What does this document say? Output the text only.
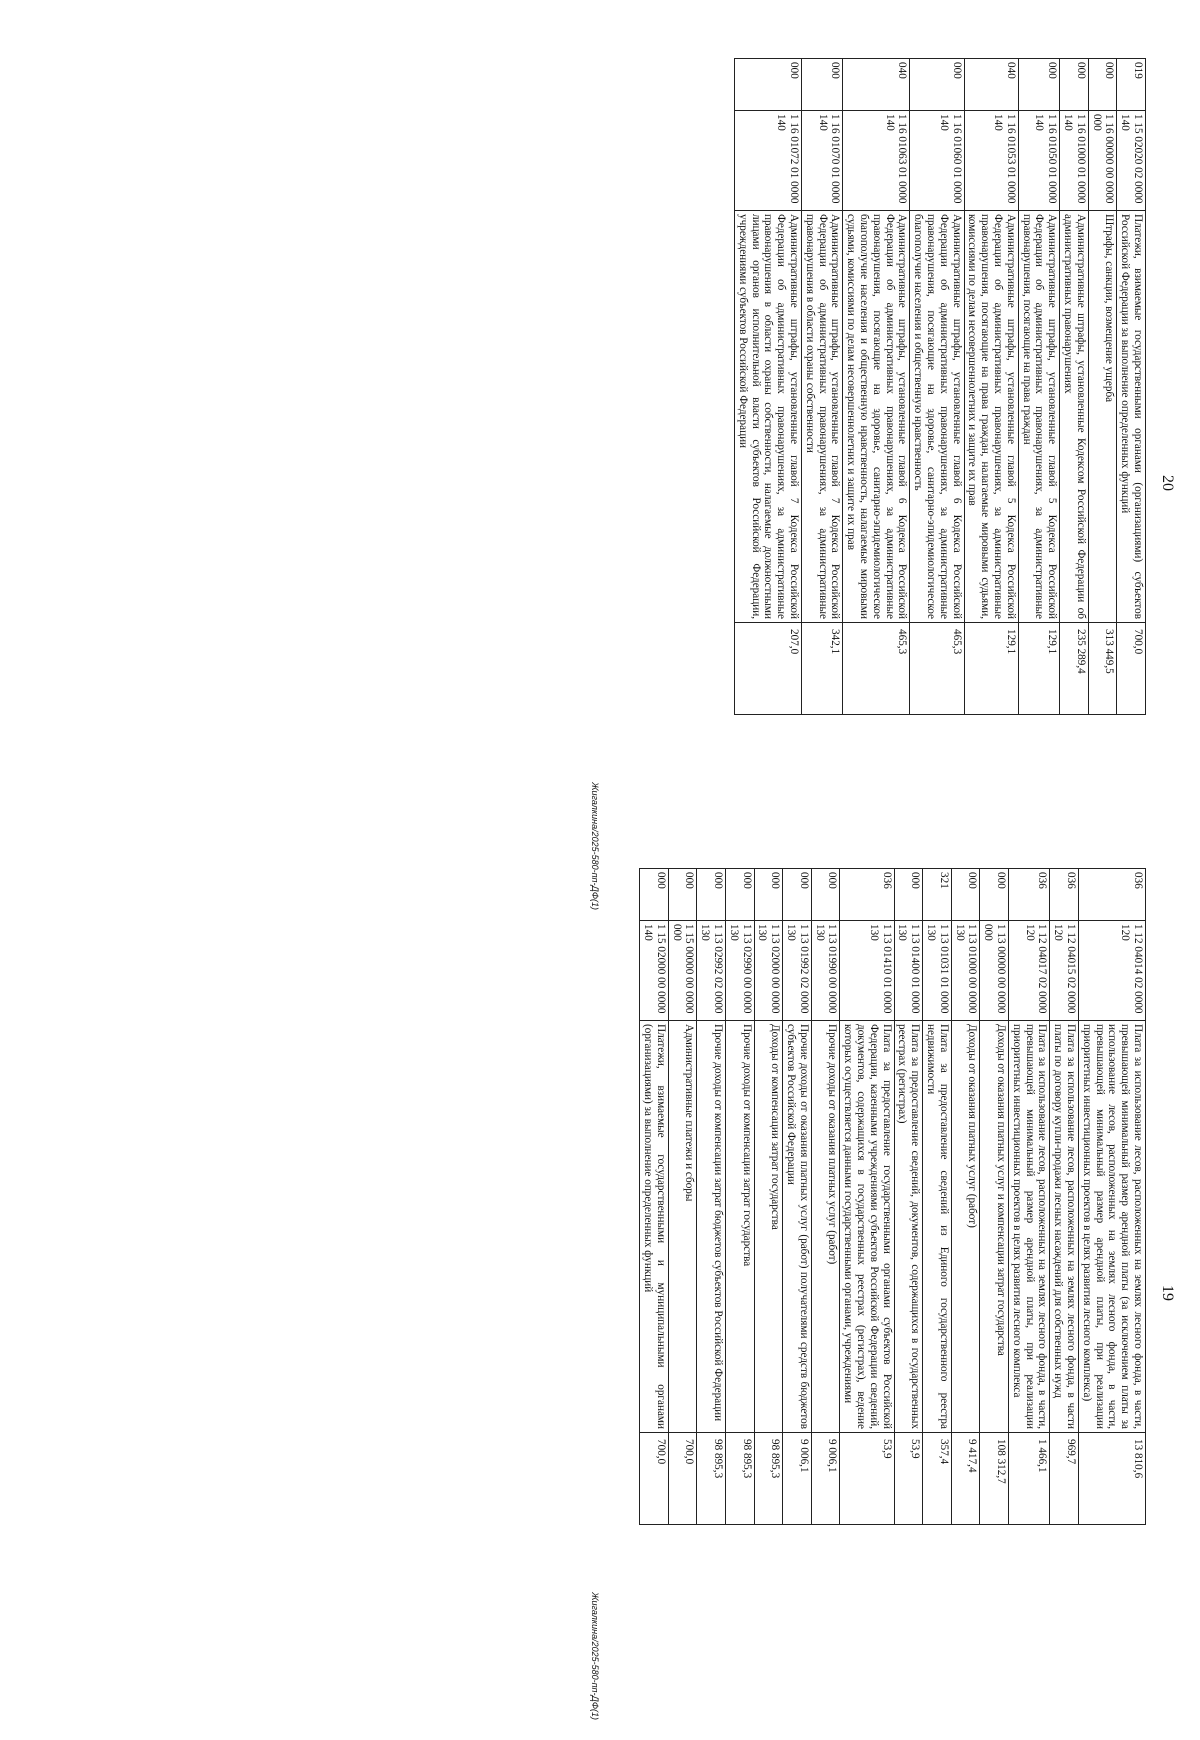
20
019	1 15 02020 02 0000 140	Платежи, взимаемые государственными органами (организациями) субъектов Российской Федерации за выполнение определенных функций	700,0
000	1 16 00000 00 0000 000	Штрафы, санкции, возмещение ущерба	313 449,5
000	1 16 01000 01 0000 140	Административные штрафы, установленные Кодексом Российской Федерации об административных правонарушениях	235 289,4
000	1 16 01050 01 0000 140	Административные штрафы, установленные главой 5 Кодекса Российской Федерации об административных правонарушениях, за административные правонарушения, посягающие на права граждан	129,1
040	1 16 01053 01 0000 140	Административные штрафы, установленные главой 5 Кодекса Российской Федерации об административных правонарушениях, за административные правонарушения, посягающие на права граждан, налагаемые мировыми судьями, комиссиями по делам несовершеннолетних и защите их прав	129,1
000	1 16 01060 01 0000 140	Административные штрафы, установленные главой 6 Кодекса Российской Федерации об административных правонарушениях, за административные правонарушения, посягающие на здоровье, санитарно-эпидемиологическое благополучие населения и общественную нравственность	465,3
040	1 16 01063 01 0000 140	Административные штрафы, установленные главой 6 Кодекса Российской Федерации об административных правонарушениях, за административные правонарушения, посягающие на здоровье, санитарно-эпидемиологическое благополучие населения и общественную нравственность, налагаемые мировыми судьями, комиссиями по делам несовершеннолетних и защите их прав	465,3
000	1 16 01070 01 0000 140	Административные штрафы, установленные главой 7 Кодекса Российской Федерации об административных правонарушениях, за административные правонарушения в области охраны собственности	342,1
000	1 16 01072 01 0000 140	Административные штрафы, установленные главой 7 Кодекса Российской Федерации об административных правонарушениях, за административные правонарушения в области охраны собственности, налагаемые должностными лицами органов исполнительной власти субъектов Российской Федерации, учреждениями субъектов Российской Федерации	207,0
Жигалкина/2025-580-пп-ДФ(1)
19
036	1 12 04014 02 0000 120	Плата за использование лесов, расположенных на землях лесного фонда, в части, превышающей минимальный размер арендной платы (за исключением платы за использование лесов, расположенных на землях лесного фонда, в части, превышающей минимальный размер арендной платы, при реализации приоритетных инвестиционных проектов в целях развития лесного комплекса)	13 810,6
036	1 12 04015 02 0000 120	Плата за использование лесов, расположенных на землях лесного фонда, в части платы по договору купли-продажи лесных насаждений для собственных нужд	969,7
036	1 12 04017 02 0000 120	Плата за использование лесов, расположенных на землях лесного фонда, в части, превышающей минимальный размер арендной платы, при реализации приоритетных инвестиционных проектов в целях развития лесного комплекса	1 466,1
000	1 13 00000 00 0000 000	Доходы от оказания платных услуг и компенсации затрат государства	108 312,7
000	1 13 01000 00 0000 130	Доходы от оказания платных услуг (работ)	9 417,4
321	1 13 01031 01 0000 130	Плата за предоставление сведений из Единого государственного реестра недвижимости	357,4
000	1 13 01400 01 0000 130	Плата за предоставление сведений, документов, содержащихся в государственных реестрах (регистрах)	53,9
036	1 13 01410 01 0000 130	Плата за предоставление государственными органами субъектов Российской Федерации, казенными учреждениями субъектов Российской Федерации сведений, документов, содержащихся в государственных реестрах (регистрах), ведение которых осуществляется данными государственными органами, учреждениями	53,9
000	1 13 01990 00 0000 130	Прочие доходы от оказания платных услуг (работ)	9 006,1
000	1 13 01992 02 0000 130	Прочие доходы от оказания платных услуг (работ) получателями средств бюджетов субъектов Российской Федерации	9 006,1
000	1 13 02000 00 0000 130	Доходы от компенсации затрат государства	98 895,3
000	1 13 02990 00 0000 130	Прочие доходы от компенсации затрат государства	98 895,3
000	1 13 02992 02 0000 130	Прочие доходы от компенсации затрат бюджетов субъектов Российской Федерации	98 895,3
000	1 15 00000 00 0000 000	Административные платежи и сборы	700,0
000	1 15 02000 00 0000 140	Платежи, взимаемые государственными и муниципальными органами (организациями) за выполнение определенных функций	700,0
Жигалкина/2025-580-пп-ДФ(1)
